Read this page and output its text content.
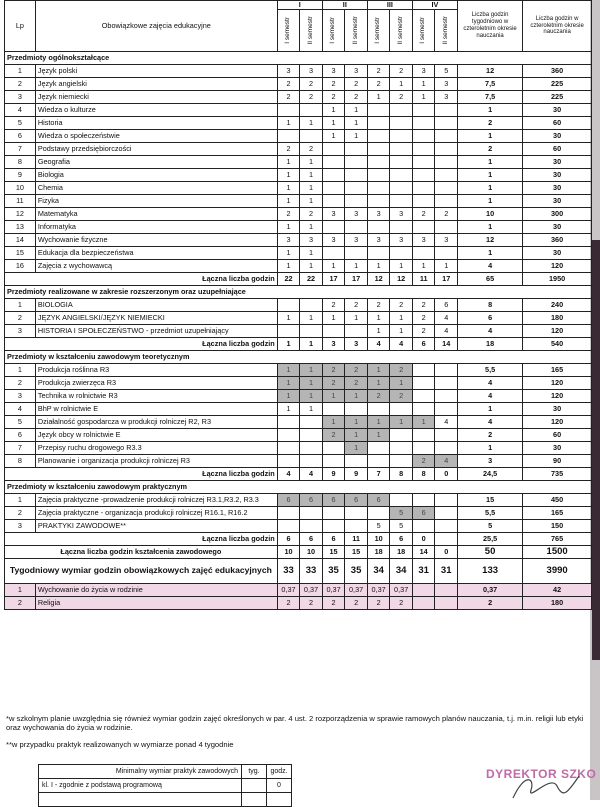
Lp	Obowiązkowe zajęcia edukacyjne	I		II		III		IV		Liczba godzin tygodniowo w czteroletnim okresie nauczania	Liczba godzin w czteroletnim okresie nauczania
		I semestr	II semestr	I semestr	II semestr	I semestr	II semestr	I semestr	II semestr		
Przedmioty ogólnokształcące											
1	Język polski	3	3	3	3	2	2	3	5	12	360
2	Język angielski	2	2	2	2	2	1	1	3	7,5	225
3	Język niemiecki	2	2	2	2	1	2	1	3	7,5	225
4	Wiedza o kulturze			1	1					1	30
5	Historia	1	1	1	1					2	60
6	Wiedza o społeczeństwie			1	1					1	30
7	Podstawy przedsiębiorczości	2	2							2	60
8	Geografia	1	1							1	30
9	Biologia	1	1							1	30
10	Chemia	1	1							1	30
11	Fizyka	1	1							1	30
12	Matematyka	2	2	3	3	3	3	2	2	10	300
13	Informatyka	1	1							1	30
14	Wychowanie fizyczne	3	3	3	3	3	3	3	3	12	360
15	Edukacja dla bezpieczeństwa	1	1							1	30
16	Zajęcia z wychowawcą	1	1	1	1	1	1	1	1	4	120
Łączna liczba godzin		22	22	17	17	12	12	11	17	65	1950
Przedmioty realizowane w zakresie rozszerzonym oraz uzupełniające											
1	BIOLOGIA			2	2	2	2	2	6	8	240
2	JĘZYK ANGIELSKI/JĘZYK NIEMIECKI	1	1	1	1	1	1	2	4	6	180
3	HISTORIA I SPOŁECZEŃSTWO - przedmiot uzupełniający					1	1	2	4	4	120
Łączna liczba godzin		1	1	3	3	4	4	6	14	18	540
Przedmioty w kształceniu zawodowym teoretycznym											
1	Produkcja roślinna R3	1	1	2	2	1	2			5,5	165
2	Produkcja zwierzęca R3	1	1	2	2	1	1			4	120
3	Technika w rolnictwie R3	1	1	1	1	2	2			4	120
4	BhP w rolnictwie E	1	1							1	30
5	Działalność gospodarcza w produkcji rolniczej R2, R3			1	1	1	1	1	4	4	120
6	Język obcy w rolnictwie E			2	1	1				2	60
7	Przepisy ruchu drogowego R3.3				1					1	30
8	Planowanie i organizacja produkcji rolniczej R3							2	4	3	90
Łączna liczba godzin		4	4	9	9	7	8	8	0	24,5	735
Przedmioty w kształceniu zawodowym praktycznym											
1	Zajęcia praktyczne -prowadzenie produkcji rolniczej R3.1,R3.2, R3.3	6	6	6	6	6				15	450
2	Zajęcia praktyczne - organizacja produkcji rolniczej R16.1, R16.2						5	6		5,5	165
3	PRAKTYKI ZAWODOWE**					5	5			5	150
Łączna liczba godzin		6	6	6	11	10	6	0		25,5	765
Łączna liczba godzin kształcenia zawodowego		10	10	15	15	18	18	14	0	50	1500
Tygodniowy wymiar godzin obowiązkowych zajęć edukacyjnych		33	33	35	35	34	34	31	31	133	3990
1	Wychowanie do życia w rodzinie	0,37	0,37	0,37	0,37	0,37	0,37			0,37	42
2	Religia	2	2	2	2	2	2			2	180

*w szkolnym planie uwzględnia się również wymiar godzin zajęć określonych w par. 4 ust. 2 rozporządzenia w sprawie ramowych planów nauczania, t.j. m.in. religii lub etyki oraz wychowania do życia w rodzinie.

**w przypadku praktyk realizowanych w wymiarze ponad 4 tygodnie

Minimalny wymiar praktyk zawodowych	tyg.	godz.
kl. I - zgodnie z podstawą programową		0

DYREKTOR SZKO
